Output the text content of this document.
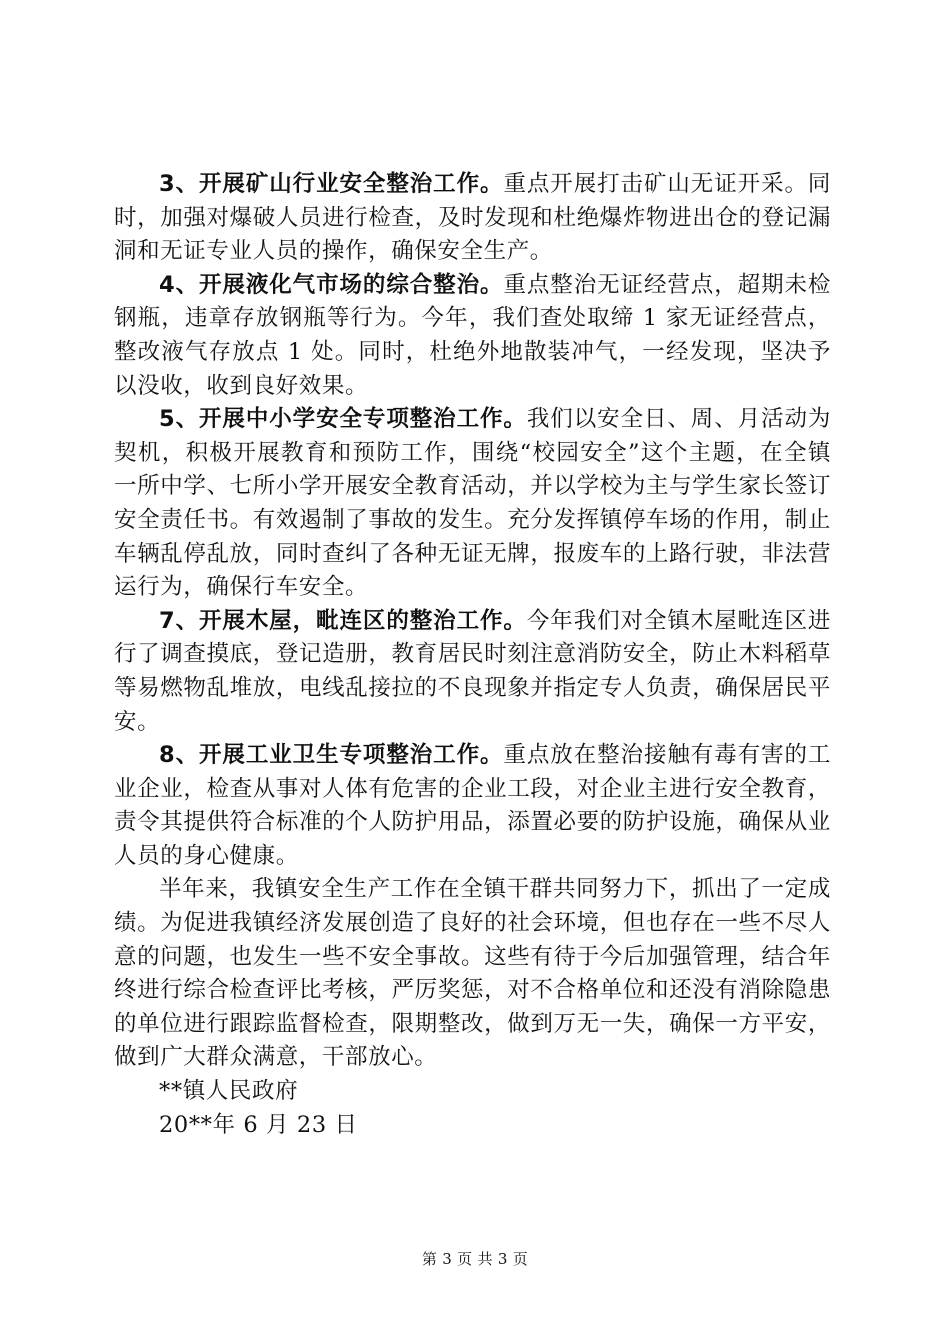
3、开展矿山行业安全整治工作。重点开展打击矿山无证开采。同时，加强对爆破人员进行检查，及时发现和杜绝爆炸物进出仓的登记漏洞和无证专业人员的操作，确保安全生产。

4、开展液化气市场的综合整治。重点整治无证经营点，超期未检钢瓶，违章存放钢瓶等行为。今年，我们查处取缔 1 家无证经营点，整改液气存放点 1 处。同时，杜绝外地散装冲气，一经发现，坚决予以没收，收到良好效果。

5、开展中小学安全专项整治工作。我们以安全日、周、月活动为契机，积极开展教育和预防工作，围绕“校园安全”这个主题，在全镇一所中学、七所小学开展安全教育活动，并以学校为主与学生家长签订安全责任书。有效遏制了事故的发生。充分发挥镇停车场的作用，制止车辆乱停乱放，同时查纠了各种无证无牌，报废车的上路行驶，非法营运行为，确保行车安全。

7、开展木屋，毗连区的整治工作。今年我们对全镇木屋毗连区进行了调查摸底，登记造册，教育居民时刻注意消防安全，防止木料稻草等易燃物乱堆放，电线乱接拉的不良现象并指定专人负责，确保居民平安。

8、开展工业卫生专项整治工作。重点放在整治接触有毒有害的工业企业，检查从事对人体有危害的企业工段，对企业主进行安全教育，责令其提供符合标准的个人防护用品，添置必要的防护设施，确保从业人员的身心健康。

半年来，我镇安全生产工作在全镇干群共同努力下，抓出了一定成绩。为促进我镇经济发展创造了良好的社会环境，但也存在一些不尽人意的问题，也发生一些不安全事故。这些有待于今后加强管理，结合年终进行综合检查评比考核，严厉奖惩，对不合格单位和还没有消除隐患的单位进行跟踪监督检查，限期整改，做到万无一失，确保一方平安，做到广大群众满意，干部放心。

**镇人民政府

20**年 6 月 23 日

第 3 页 共 3 页
